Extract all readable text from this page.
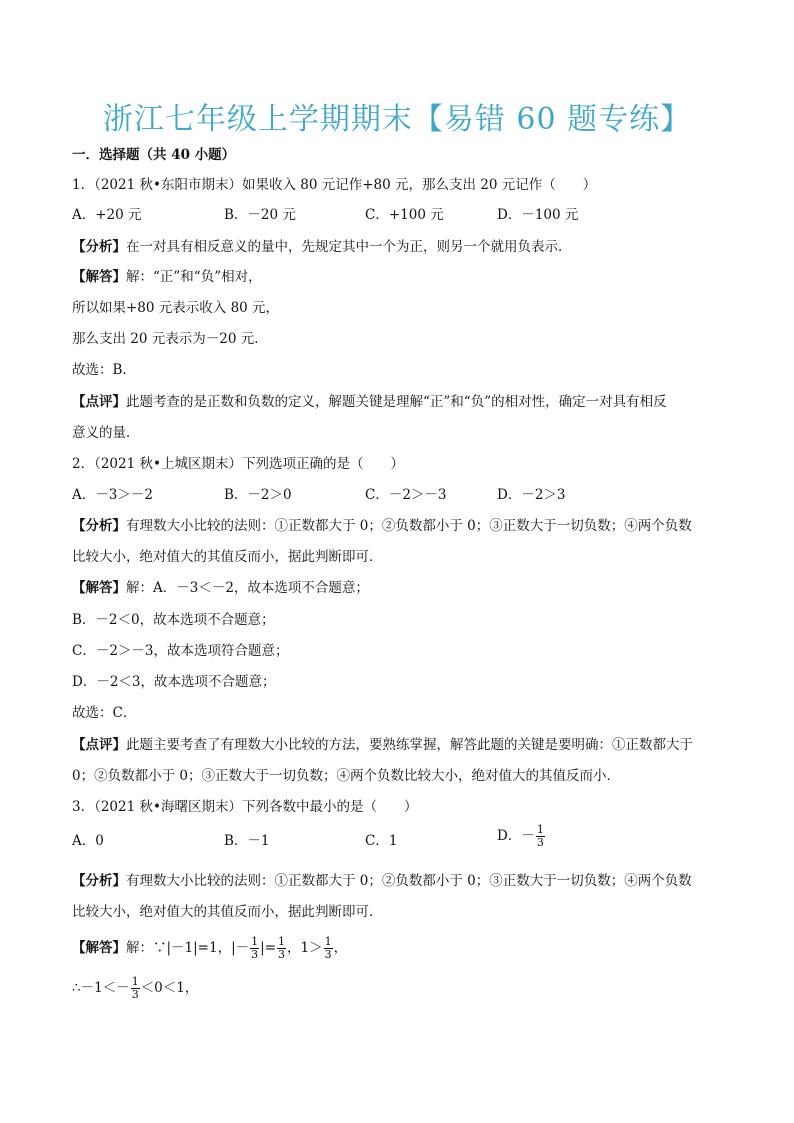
浙江七年级上学期期末【易错 60 题专练】
一．选择题（共 40 小题）
1．（2021 秋•东阳市期末）如果收入 80 元记作+80 元，那么支出 20 元记作（　　）
A．+20 元	B．－20 元	C．+100 元	D．－100 元
【分析】在一对具有相反意义的量中，先规定其中一个为正，则另一个就用负表示．
【解答】解：“正”和“负”相对，
所以如果+80 元表示收入 80 元，
那么支出 20 元表示为－20 元．
故选：B．
【点评】此题考查的是正数和负数的定义，解题关键是理解“正”和“负”的相对性，确定一对具有相反
意义的量．
2．（2021 秋•上城区期末）下列选项正确的是（　　）
A．－3＞－2	B．－2＞0	C．－2＞－3	D．－2＞3
【分析】有理数大小比较的法则：①正数都大于 0；②负数都小于 0；③正数大于一切负数；④两个负数
比较大小，绝对值大的其值反而小，据此判断即可．
【解答】解：A．－3＜－2，故本选项不合题意；
B．－2＜0，故本选项不合题意；
C．－2＞－3，故本选项符合题意；
D．－2＜3，故本选项不合题意；
故选：C．
【点评】此题主要考查了有理数大小比较的方法，要熟练掌握，解答此题的关键是要明确：①正数都大于
0；②负数都小于 0；③正数大于一切负数；④两个负数比较大小，绝对值大的其值反而小．
3．（2021 秋•海曙区期末）下列各数中最小的是（　　）
A．0	B．－1	C．1	D．－ $\frac{1}{3}$
【分析】有理数大小比较的法则：①正数都大于 0；②负数都小于 0；③正数大于一切负数；④两个负数
比较大小，绝对值大的其值反而小，据此判断即可．
【解答】解：∵|－1|=1，|－ $\frac{1}{3}$ |= $\frac{1}{3}$ ，$1> \frac{1}{3}$ ，
∴－1＜－ $\frac{1}{3} <0<1$，
